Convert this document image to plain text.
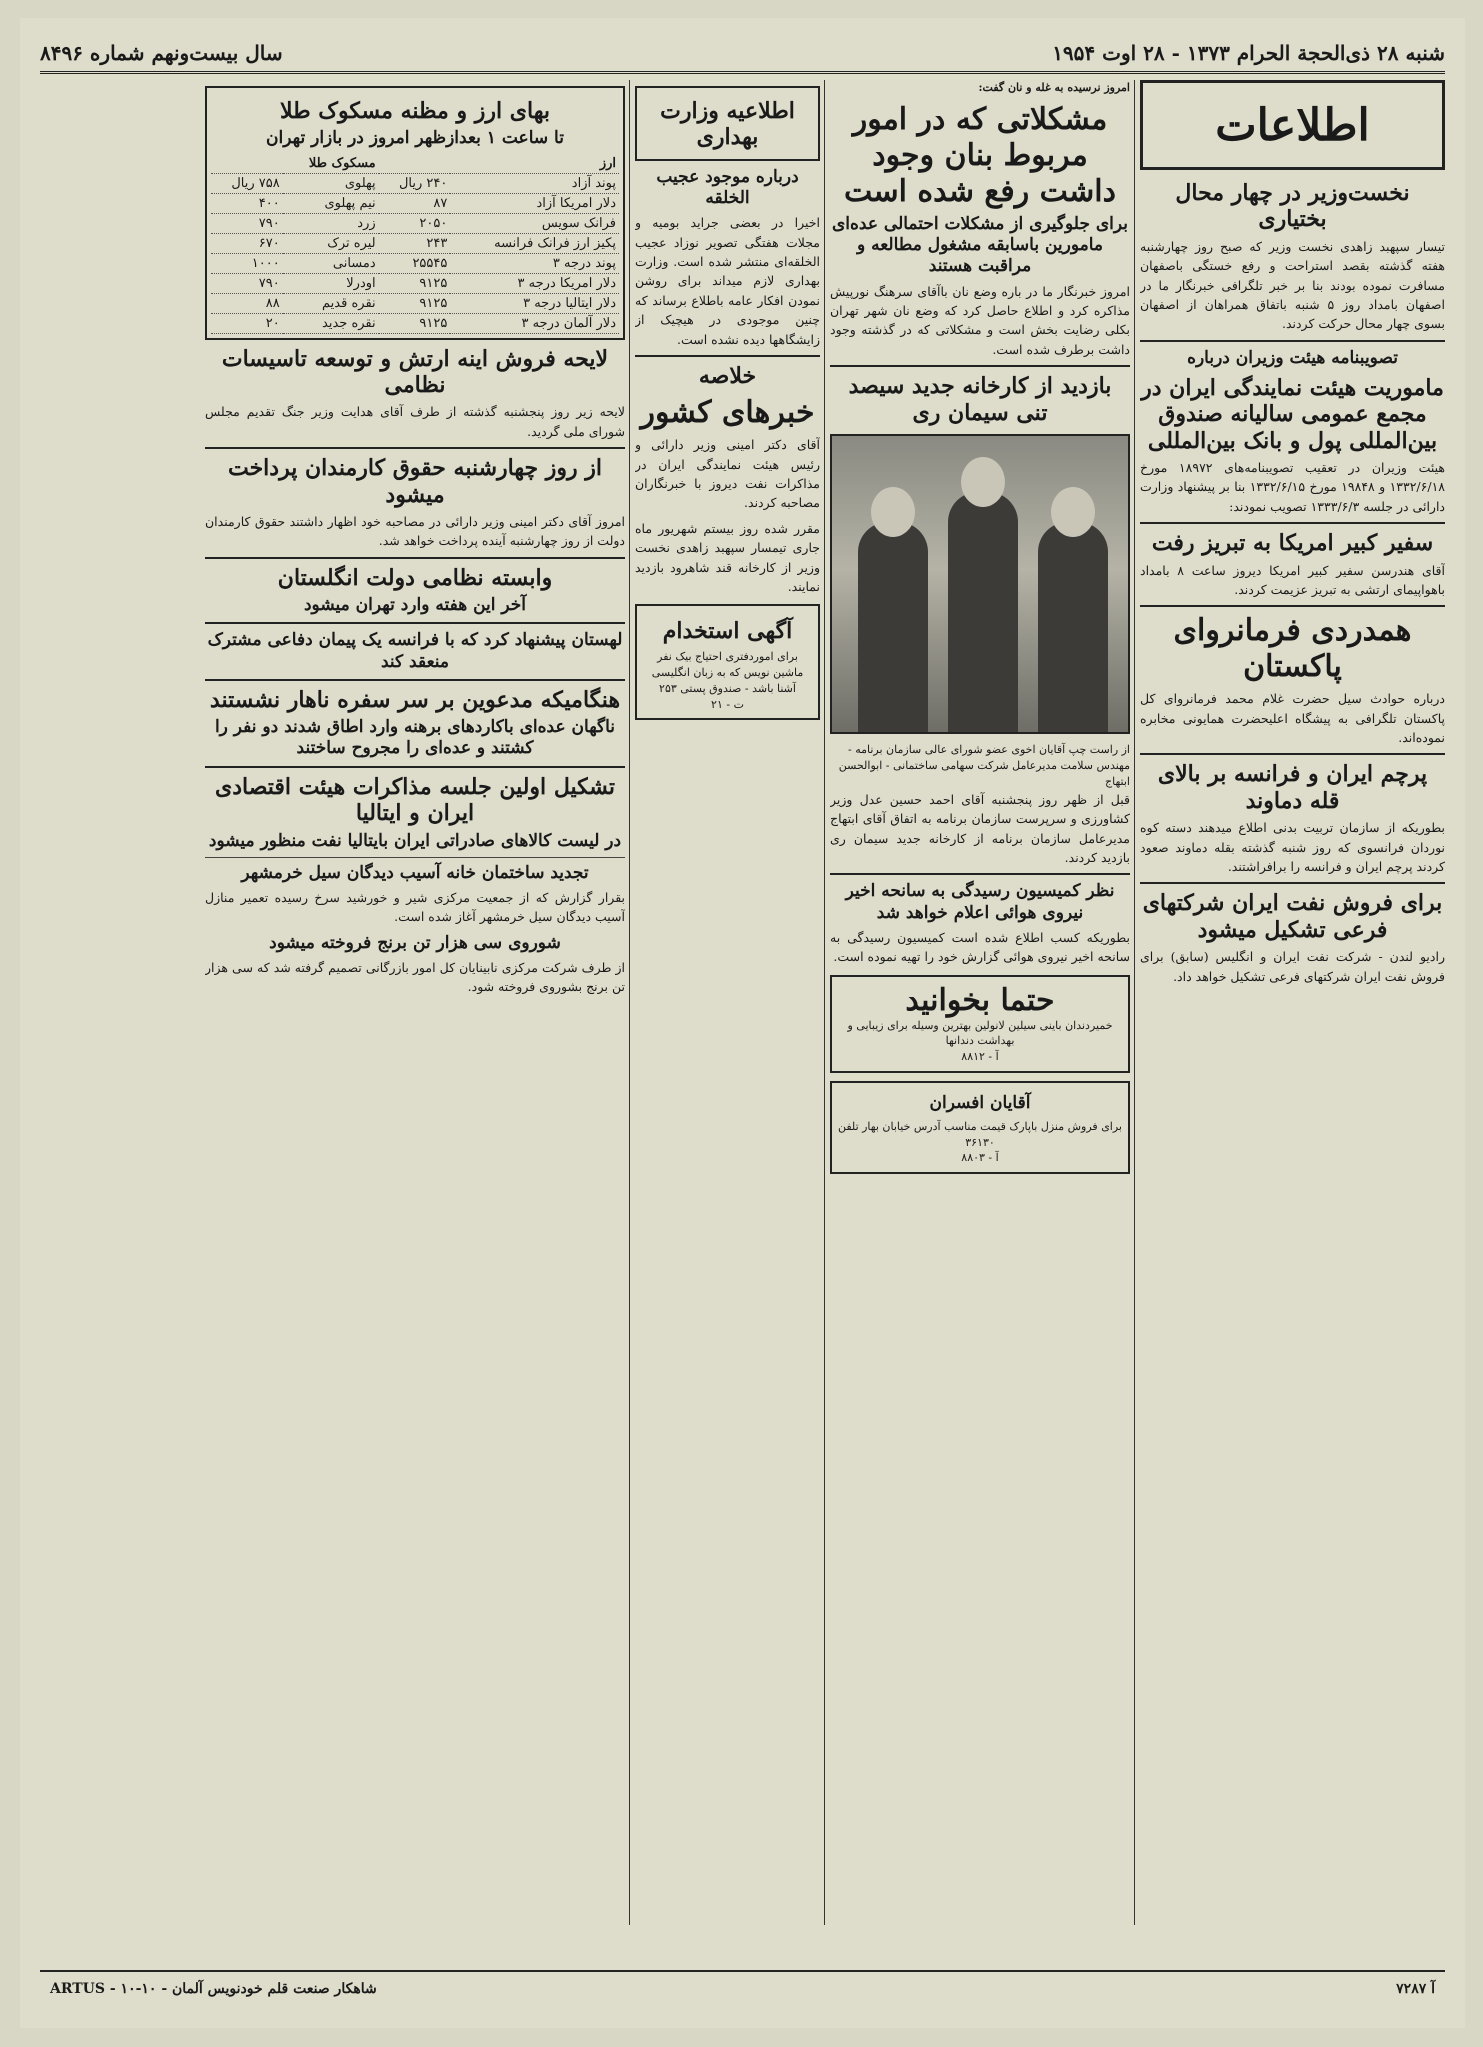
شنبه ۲۸ ذی‌الحجة الحرام ۱۳۷۳ - ۲۸ اوت ۱۹۵۴
سال بیست‌ونهم شماره ۸۴۹۶
اطلاعات
نخست‌وزیر در چهار محال بختیاری

تیسار سپهبد زاهدی نخست وزیر که صبح روز چهارشنبه هفته گذشته بقصد استراحت و رفع خستگی باصفهان مسافرت نموده بودند بنا بر خبر تلگرافی خبرنگار ما در اصفهان بامداد روز ۵ شنبه باتفاق همراهان از اصفهان بسوی چهار محال حرکت کردند.

تصویبنامه هیئت وزیران درباره
ماموریت هیئت نمایندگی ایران در مجمع عمومی سالیانه صندوق بین‌المللی پول و بانک بین‌المللی

هیئت وزیران در تعقیب تصویبنامه‌های ۱۸۹۷۲ مورخ ۱۳۳۲/۶/۱۸ و ۱۹۸۴۸ مورخ ۱۳۳۲/۶/۱۵ بنا بر پیشنهاد وزارت دارائی در جلسه ۱۳۳۳/۶/۳ تصویب نمودند:

سفیر کبیر امریکا به تبریز رفت

آقای هندرسن سفیر کبیر امریکا دیروز ساعت ۸ بامداد باهواپیمای ارتشی به تبریز عزیمت کردند.

همدردی فرمانروای پاکستان

درباره حوادث سیل حضرت غلام محمد فرمانروای کل پاکستان تلگرافی به پیشگاه اعلیحضرت همایونی مخابره نموده‌اند.

پرچم ایران و فرانسه بر بالای قله دماوند

بطوریکه از سازمان تربیت بدنی اطلاع میدهند دسته کوه نوردان فرانسوی که روز شنبه گذشته بقله دماوند صعود کردند پرچم ایران و فرانسه را برافراشتند.

برای فروش نفت ایران شرکتهای فرعی تشکیل میشود

رادیو لندن - شرکت نفت ایران و انگلیس (سابق) برای فروش نفت ایران شرکتهای فرعی تشکیل خواهد داد.

امروز نرسیده به غله و نان گفت:

مشکلاتی که در امور مربوط بنان وجود داشت رفع شده است
برای جلوگیری از مشکلات احتمالی عده‌ای مامورین باسابقه مشغول مطالعه و مراقبت هستند

امروز خبرنگار ما در باره وضع نان باآقای سرهنگ نورپیش مذاکره کرد و اطلاع حاصل کرد که وضع نان شهر تهران بکلی رضایت بخش است و مشکلاتی که در گذشته وجود داشت برطرف شده است.

بازدید از کارخانه جدید سیصد تنی سیمان ری

از راست چپ آقایان اخوی عضو شورای عالی سازمان برنامه - مهندس سلامت مدیرعامل شرکت سهامی ساختمانی - ابوالحسن ابتهاج

قبل از ظهر روز پنجشنبه آقای احمد حسین عدل وزیر کشاورزی و سرپرست سازمان برنامه به اتفاق آقای ابتهاج مدیرعامل سازمان برنامه از کارخانه جدید سیمان ری بازدید کردند.

نظر کمیسیون رسیدگی به سانحه اخیر نیروی هوائی اعلام خواهد شد

بطوریکه کسب اطلاع شده است کمیسیون رسیدگی به سانحه اخیر نیروی هوائی گزارش خود را تهیه نموده است.

حتما بخوانید

خمیردندان باینی سیلین لانولین بهترین وسیله برای زیبایی و بهداشت دندانها

آ - ۸۸۱۲

آقایان افسران

برای فروش منزل باپارک قیمت مناسب آدرس خیابان بهار تلفن ۳۶۱۳۰

آ - ۸۸۰۳

اطلاعیه وزارت بهداری
درباره موجود عجیب الخلقه

اخیرا در بعضی جراید بومیه و مجلات هفتگی تصویر نوزاد عجیب الخلقه‌ای منتشر شده است. وزارت بهداری لازم میداند برای روشن نمودن افکار عامه باطلاع برساند که چنین موجودی در هیچیک از زایشگاهها دیده نشده است.

خلاصه
خبرهای کشور

آقای دکتر امینی وزیر دارائی و رئیس هیئت نمایندگی ایران در مذاکرات نفت دیروز با خبرنگاران مصاحبه کردند.

مقرر شده روز بیستم شهریور ماه جاری تیمسار سپهبد زاهدی نخست وزیر از کارخانه قند شاهرود بازدید نمایند.

آگهی استخدام

برای اموردفتری احتیاج بیک نفر ماشین نویس که به زبان انگلیسی آشنا باشد - صندوق پستی ۲۵۳

ت - ۲۱

بهای ارز و مظنه مسکوک طلا
تا ساعت ۱ بعدازظهر امروز در بازار تهران
ارز		مسکوک طلا	
پوند آزاد	۲۴۰ ریال	پهلوی	۷۵۸ ریال
دلار امریکا آزاد	۸۷	نیم پهلوی	۴۰۰
فرانک سویس	۲۰۵۰	زرد	۷۹۰
پکیز ارز فرانک فرانسه	۲۴۳	لیره ترک	۶۷۰
پوند درجه ۳	۲۵۵۴۵	دمسانی	۱۰۰۰
دلار امریکا درجه ۳	۹۱۲۵	اودرلا	۷۹۰
دلار ایتالیا درجه ۳	۹۱۲۵	نقره قدیم	۸۸
دلار آلمان درجه ۳	۹۱۲۵	نقره جدید	۲۰
لایحه فروش اینه ارتش و توسعه تاسیسات نظامی

لایحه زیر روز پنجشنبه گذشته از طرف آقای هدایت وزیر جنگ تقدیم مجلس شورای ملی گردید.

از روز چهارشنبه حقوق کارمندان پرداخت میشود

امروز آقای دکتر امینی وزیر دارائی در مصاحبه خود اظهار داشتند حقوق کارمندان دولت از روز چهارشنبه آینده پرداخت خواهد شد.

وابسته نظامی دولت انگلستان
آخر این هفته وارد تهران میشود
لهستان پیشنهاد کرد که با فرانسه یک پیمان دفاعی مشترک منعقد کند
هنگامیکه مدعوین بر سر سفره ناهار نشستند
ناگهان عده‌ای باکاردهای برهنه وارد اطاق شدند دو نفر را کشتند و عده‌ای را مجروح ساختند
تشکیل اولین جلسه مذاکرات هیئت اقتصادی ایران و ایتالیا
در لیست کالاهای صادراتی ایران بایتالیا نفت منظور میشود
تجدید ساختمان خانه آسیب دیدگان سیل خرمشهر

بقرار گزارش که از جمعیت مرکزی شیر و خورشید سرخ رسیده تعمیر منازل آسیب دیدگان سیل خرمشهر آغاز شده است.

شوروی سی هزار تن برنج فروخته میشود

از طرف شرکت مرکزی نابینایان کل امور بازرگانی تصمیم گرفته شد که سی هزار تن برنج بشوروی فروخته شود.

ARTUS - شاهکار صنعت قلم خودنویس آلمان - ۱۰-۱۰	آ ۷۲۸۷
